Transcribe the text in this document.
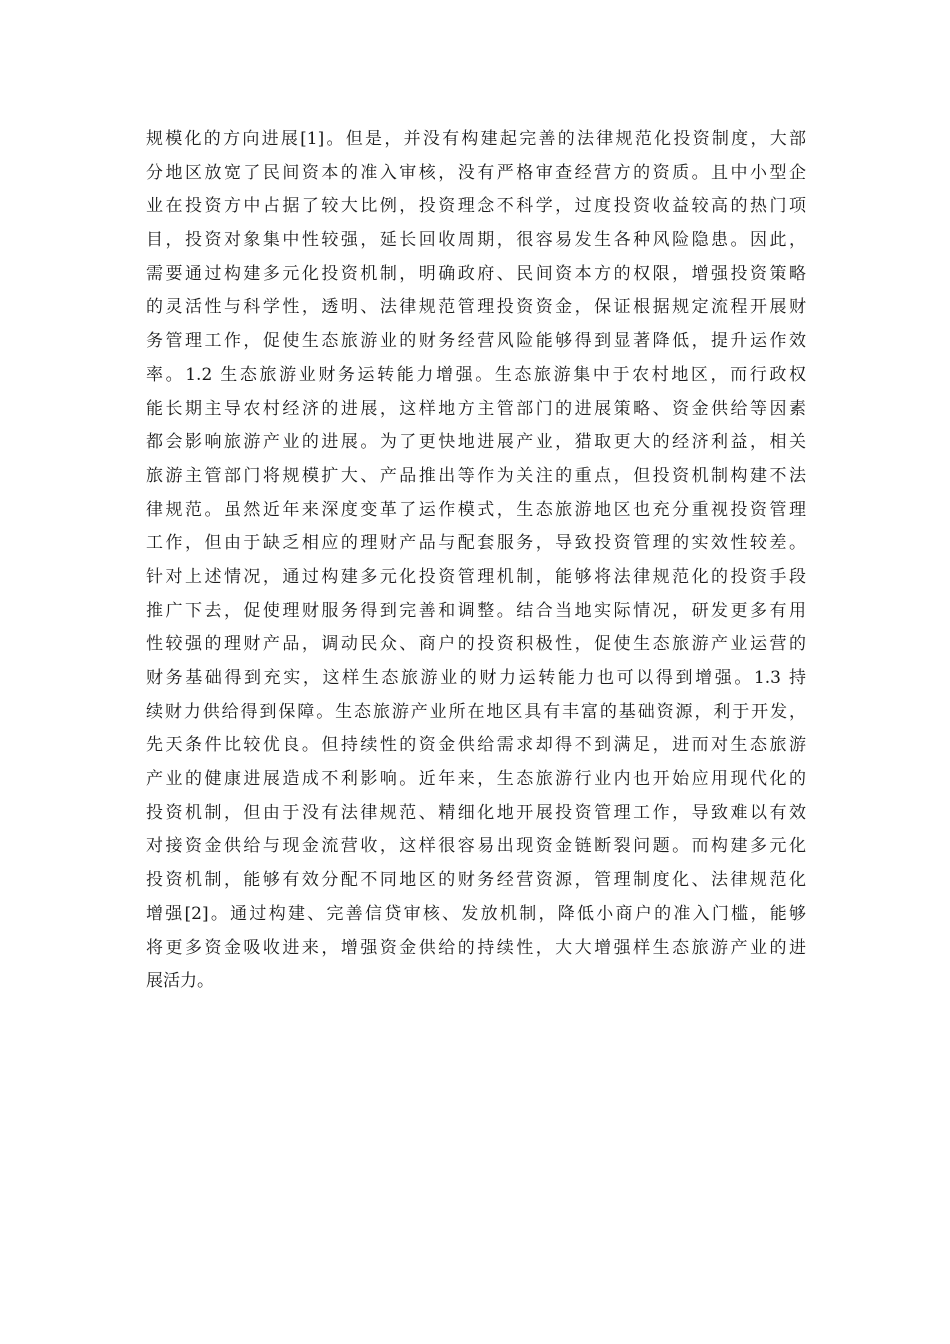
规模化的方向进展[1]。但是，并没有构建起完善的法律规范化投资制度，大部
分地区放宽了民间资本的准入审核，没有严格审查经营方的资质。且中小型企
业在投资方中占据了较大比例，投资理念不科学，过度投资收益较高的热门项
目，投资对象集中性较强，延长回收周期，很容易发生各种风险隐患。因此，
需要通过构建多元化投资机制，明确政府、民间资本方的权限，增强投资策略
的灵活性与科学性，透明、法律规范管理投资资金，保证根据规定流程开展财
务管理工作，促使生态旅游业的财务经营风险能够得到显著降低，提升运作效
率。1.2 生态旅游业财务运转能力增强。生态旅游集中于农村地区，而行政权
能长期主导农村经济的进展，这样地方主管部门的进展策略、资金供给等因素
都会影响旅游产业的进展。为了更快地进展产业，猎取更大的经济利益，相关
旅游主管部门将规模扩大、产品推出等作为关注的重点，但投资机制构建不法
律规范。虽然近年来深度变革了运作模式，生态旅游地区也充分重视投资管理
工作，但由于缺乏相应的理财产品与配套服务，导致投资管理的实效性较差。
针对上述情况，通过构建多元化投资管理机制，能够将法律规范化的投资手段
推广下去，促使理财服务得到完善和调整。结合当地实际情况，研发更多有用
性较强的理财产品，调动民众、商户的投资积极性，促使生态旅游产业运营的
财务基础得到充实，这样生态旅游业的财力运转能力也可以得到增强。1.3 持
续财力供给得到保障。生态旅游产业所在地区具有丰富的基础资源，利于开发，
先天条件比较优良。但持续性的资金供给需求却得不到满足，进而对生态旅游
产业的健康进展造成不利影响。近年来，生态旅游行业内也开始应用现代化的
投资机制，但由于没有法律规范、精细化地开展投资管理工作，导致难以有效
对接资金供给与现金流营收，这样很容易出现资金链断裂问题。而构建多元化
投资机制，能够有效分配不同地区的财务经营资源，管理制度化、法律规范化
增强[2]。通过构建、完善信贷审核、发放机制，降低小商户的准入门槛，能够
将更多资金吸收进来，增强资金供给的持续性，大大增强样生态旅游产业的进
展活力。
